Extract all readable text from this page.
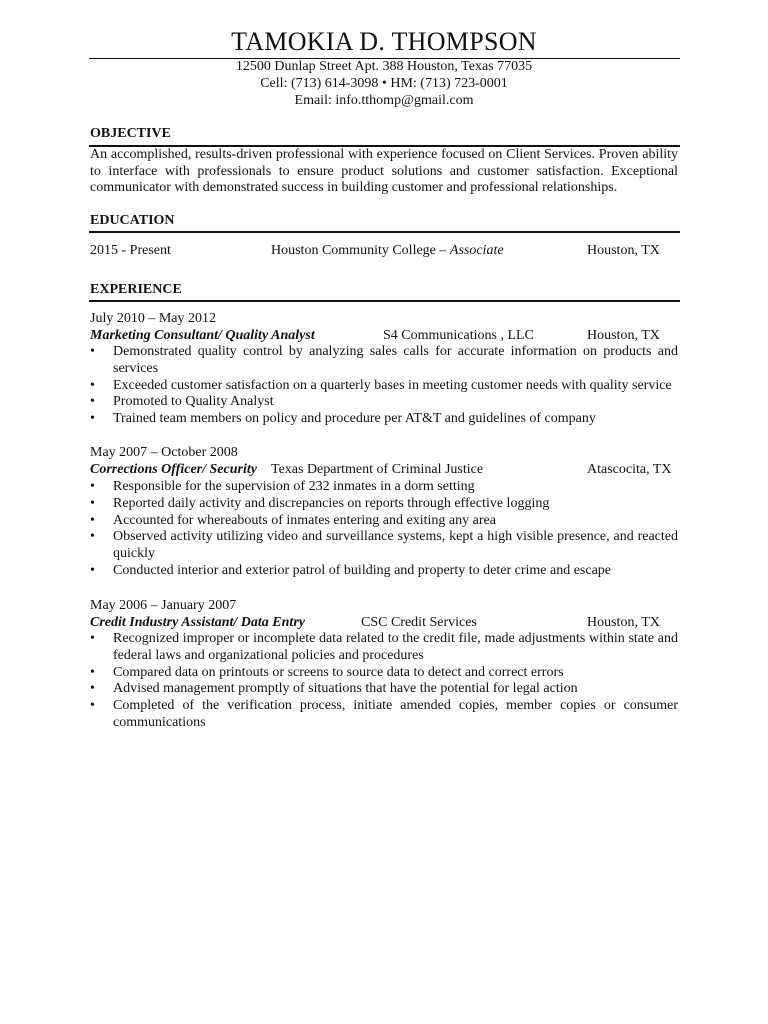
TAMOKIA D. THOMPSON
12500 Dunlap Street Apt. 388 Houston, Texas 77035
Cell: (713) 614-3098 • HM: (713) 723-0001
Email: info.tthomp@gmail.com
OBJECTIVE
An accomplished, results-driven professional with experience focused on Client Services. Proven ability to interface with professionals to ensure product solutions and customer satisfaction. Exceptional communicator with demonstrated success in building customer and professional relationships.
EDUCATION
2015 - Present	Houston Community College – Associate	Houston, TX
EXPERIENCE
July 2010 – May 2012
Marketing Consultant/ Quality Analyst	S4 Communications , LLC	Houston, TX
• Demonstrated quality control by analyzing sales calls for accurate information on products and services
• Exceeded customer satisfaction on a quarterly bases in meeting customer needs with quality service
• Promoted to Quality Analyst
• Trained team members on policy and procedure per AT&T and guidelines of company
May 2007 – October 2008
Corrections Officer/ Security Texas Department of Criminal Justice	Atascocita, TX
• Responsible for the supervision of 232 inmates in a dorm setting
• Reported daily activity and discrepancies on reports through effective logging
• Accounted for whereabouts of inmates entering and exiting any area
• Observed activity utilizing video and surveillance systems, kept a high visible presence, and reacted quickly
• Conducted interior and exterior patrol of building and property to deter crime and escape
May 2006 – January 2007
Credit Industry Assistant/ Data Entry	CSC Credit Services	Houston, TX
• Recognized improper or incomplete data related to the credit file, made adjustments within state and federal laws and organizational policies and procedures
• Compared data on printouts or screens to source data to detect and correct errors
• Advised management promptly of situations that have the potential for legal action
• Completed of the verification process, initiate amended copies, member copies or consumer communications
